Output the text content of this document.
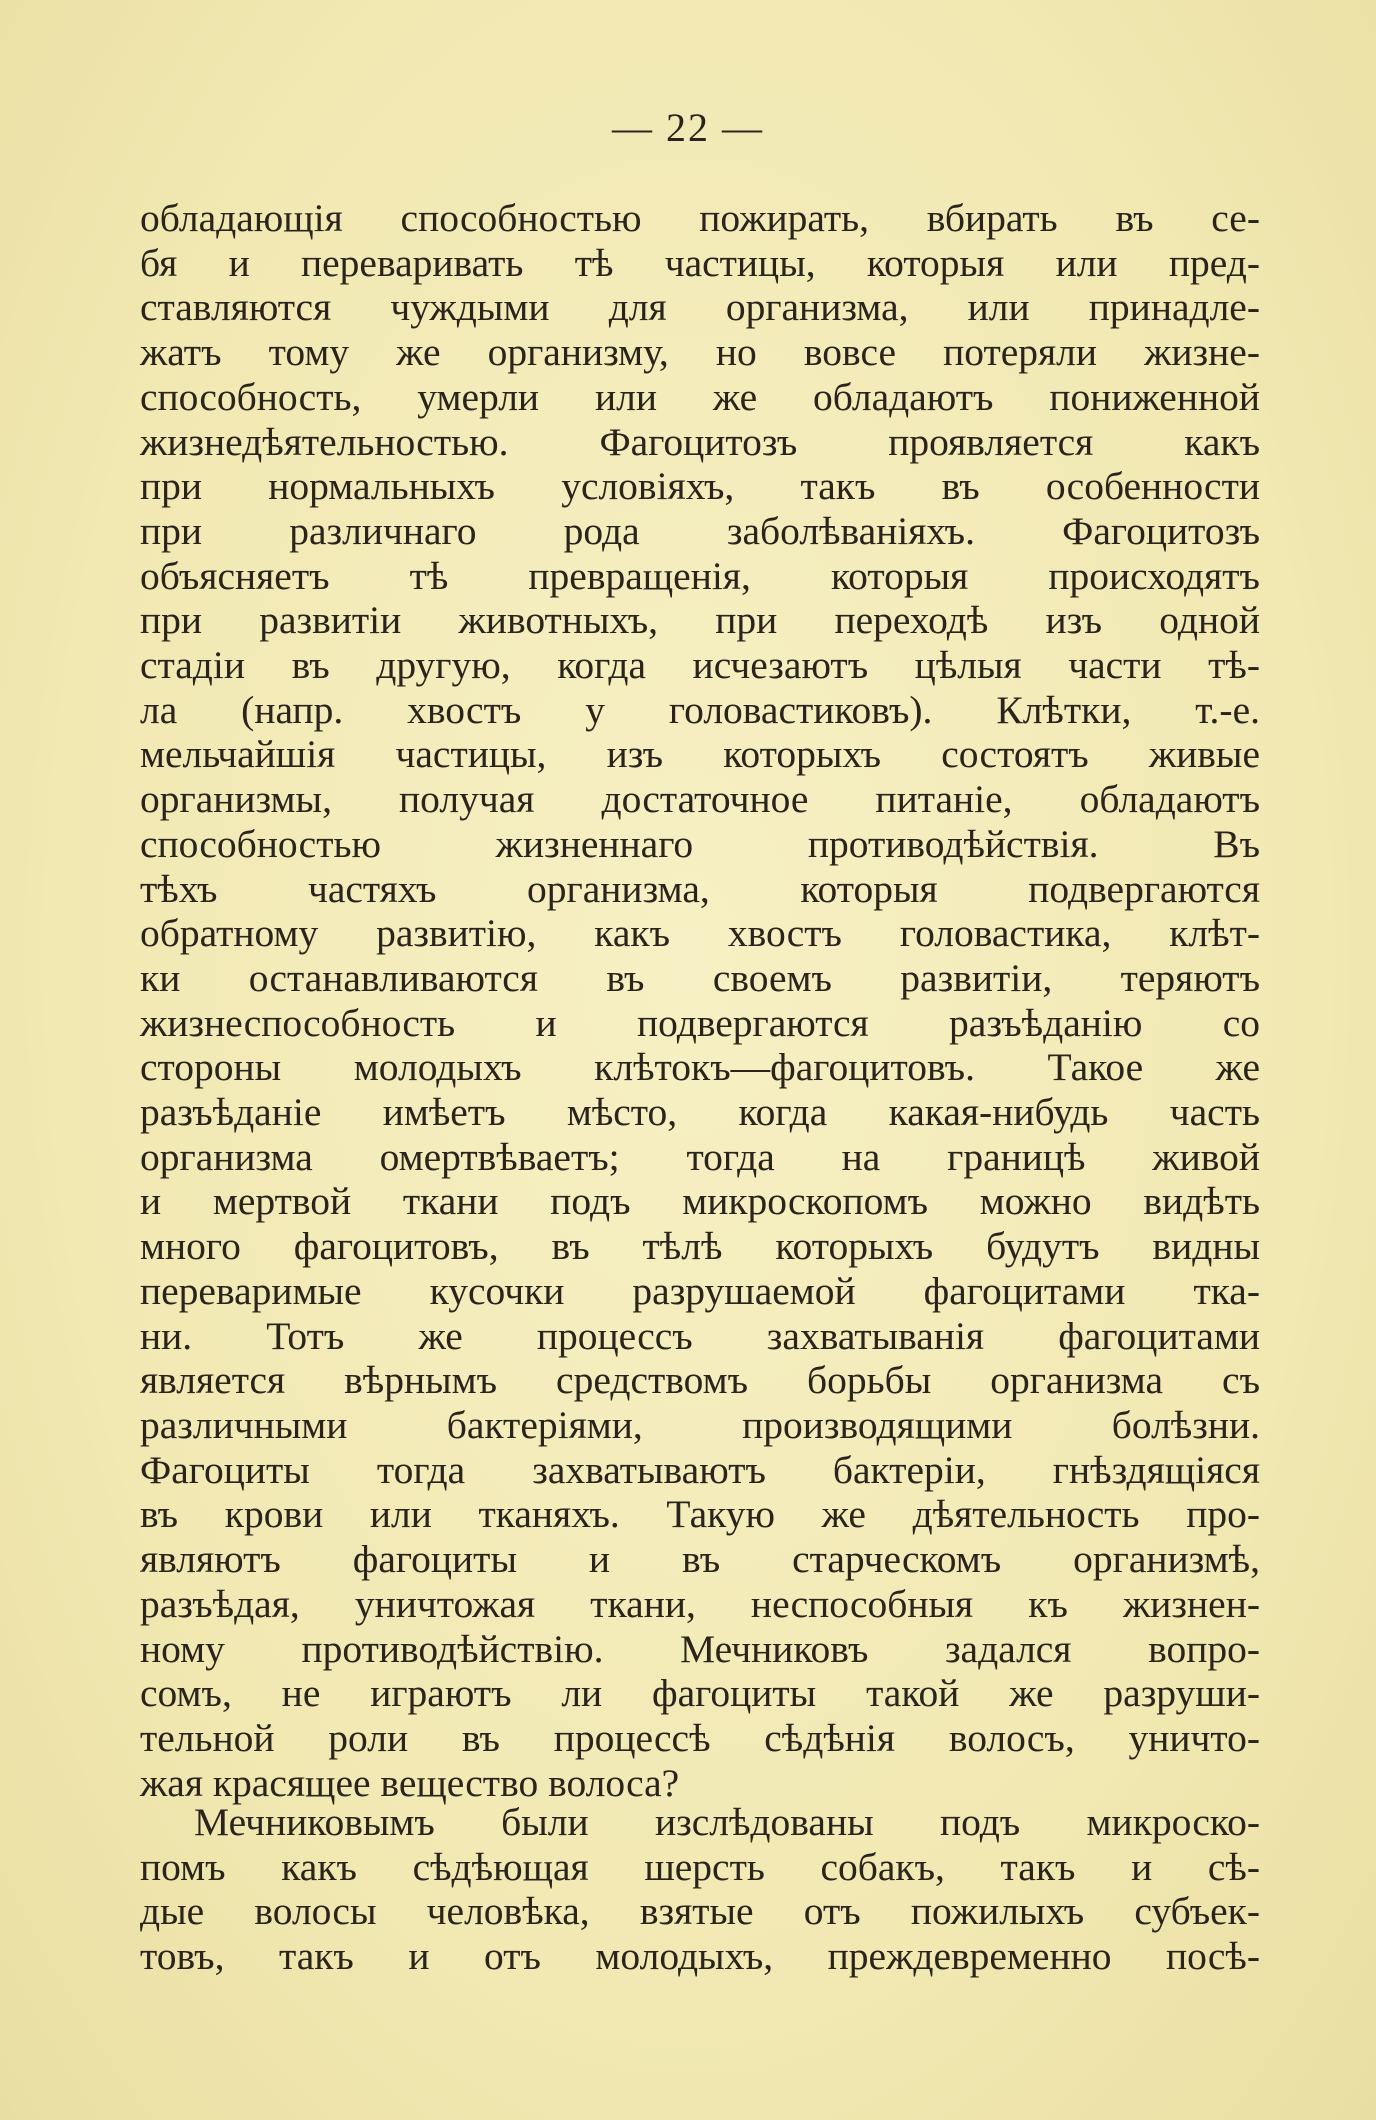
— 22 —
обладающія способностью пожирать, вбирать въ се-
бя и переваривать тѣ частицы, которыя или пред-
ставляются чуждыми для организма, или принадле-
жатъ тому же организму, но вовсе потеряли жизне-
способность, умерли или же обладаютъ пониженной
жизнедѣятельностью. Фагоцитозъ проявляется какъ
при нормальныхъ условіяхъ, такъ въ особенности
при различнаго рода заболѣваніяхъ. Фагоцитозъ
объясняетъ тѣ превращенія, которыя происходятъ
при развитіи животныхъ, при переходѣ изъ одной
стадіи въ другую, когда исчезаютъ цѣлыя части тѣ-
ла (напр. хвостъ у головастиковъ). Клѣтки, т.-е.
мельчайшія частицы, изъ которыхъ состоятъ живые
организмы, получая достаточное питаніе, обладаютъ
способностью жизненнаго противодѣйствія. Въ
тѣхъ частяхъ организма, которыя подвергаются
обратному развитію, какъ хвостъ головастика, клѣт-
ки останавливаются въ своемъ развитіи, теряютъ
жизнеспособность и подвергаются разъѣданію со
стороны молодыхъ клѣтокъ—фагоцитовъ. Такое же
разъѣданіе имѣетъ мѣсто, когда какая-нибудь часть
организма омертвѣваетъ; тогда на границѣ живой
и мертвой ткани подъ микроскопомъ можно видѣть
много фагоцитовъ, въ тѣлѣ которыхъ будутъ видны
переваримые кусочки разрушаемой фагоцитами тка-
ни. Тотъ же процессъ захватыванія фагоцитами
является вѣрнымъ средствомъ борьбы организма съ
различными бактеріями, производящими болѣзни.
Фагоциты тогда захватываютъ бактеріи, гнѣздящіяся
въ крови или тканяхъ. Такую же дѣятельность про-
являютъ фагоциты и въ старческомъ организмѣ,
разъѣдая, уничтожая ткани, неспособныя къ жизнен-
ному противодѣйствію. Мечниковъ задался вопро-
сомъ, не играютъ ли фагоциты такой же разруши-
тельной роли въ процессѣ сѣдѣнія волосъ, уничто-
жая красящее вещество волоса?
Мечниковымъ были изслѣдованы подъ микроско-
помъ какъ сѣдѣющая шерсть собакъ, такъ и сѣ-
дые волосы человѣка, взятые отъ пожилыхъ субъек-
товъ, такъ и отъ молодыхъ, преждевременно посѣ-
